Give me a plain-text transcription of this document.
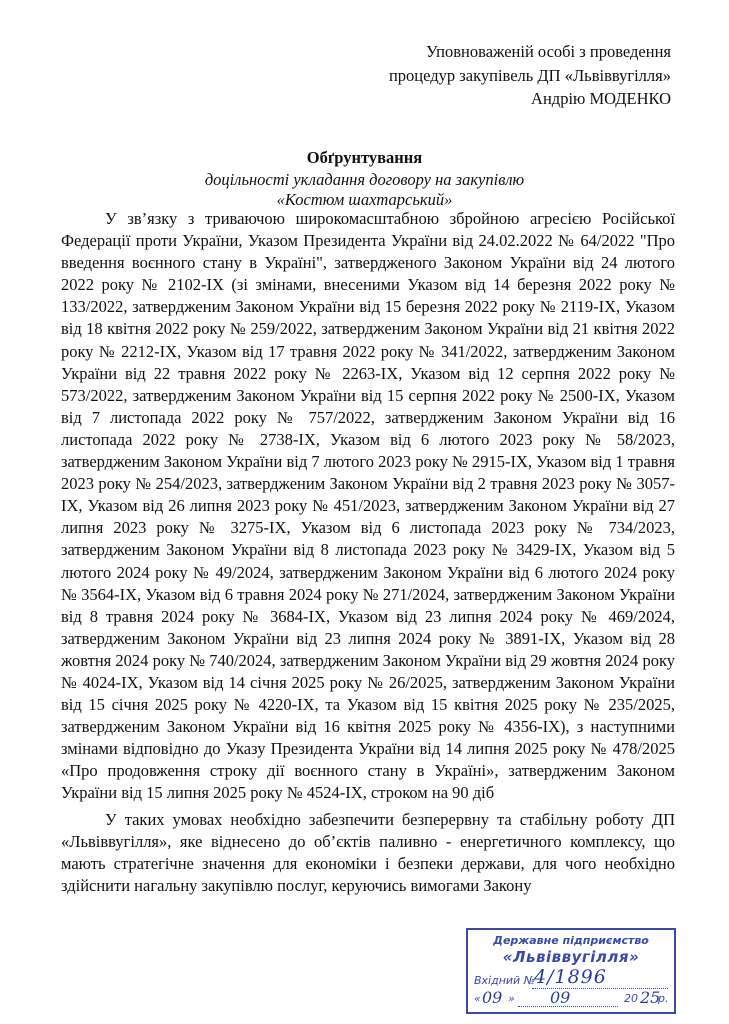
Уповноваженій особі з проведення
процедур закупівель ДП «Львіввугілля»
Андрію МОДЕНКО
Обґрунтування
доцільності укладання договору на закупівлю
«Костюм шахтарський»

У зв’язку з триваючою широкомасштабною збройною агресією Російської Федерації проти України, Указом Президента України від 24.02.2022 № 64/2022 "Про введення воєнного стану в Україні", затвердженого Законом України від 24 лютого 2022 року № 2102-IX (зі змінами, внесеними Указом від 14 березня 2022 року № 133/2022, затвердженим Законом України від 15 березня 2022 року № 2119-IX, Указом від 18 квітня 2022 року № 259/2022, затвердженим Законом України від 21 квітня 2022 року № 2212-IX, Указом від 17 травня 2022 року № 341/2022, затвердженим Законом України від 22 травня 2022 року № 2263-IX, Указом від 12 серпня 2022 року № 573/2022, затвердженим Законом України від 15 серпня 2022 року № 2500-IX, Указом від 7 листопада 2022 року № 757/2022, затвердженим Законом України від 16 листопада 2022 року № 2738-IX, Указом від 6 лютого 2023 року № 58/2023, затвердженим Законом України від 7 лютого 2023 року № 2915-IX, Указом від 1 травня 2023 року № 254/2023, затвердженим Законом України від 2 травня 2023 року № 3057-IX, Указом від 26 липня 2023 року № 451/2023, затвердженим Законом України від 27 липня 2023 року № 3275-IX, Указом від 6 листопада 2023 року № 734/2023, затвердженим Законом України від 8 листопада 2023 року № 3429-IX, Указом від 5 лютого 2024 року № 49/2024, затвердженим Законом України від 6 лютого 2024 року № 3564-IX, Указом від 6 травня 2024 року № 271/2024, затвердженим Законом України від 8 травня 2024 року № 3684-IX, Указом від 23 липня 2024 року № 469/2024, затвердженим Законом України від 23 липня 2024 року № 3891-IX, Указом від 28 жовтня 2024 року № 740/2024, затвердженим Законом України від 29 жовтня 2024 року № 4024-IX, Указом від 14 січня 2025 року № 26/2025, затвердженим Законом України від 15 січня 2025 року № 4220-IX, та Указом від 15 квітня 2025 року № 235/2025, затвердженим Законом України від 16 квітня 2025 року № 4356-IX), з наступними змінами відповідно до Указу Президента України від 14 липня 2025 року № 478/2025 «Про продовження строку дії воєнного стану в Україні», затвердженим Законом України від 15 липня 2025 року № 4524-IX, строком на 90 діб

У таких умовах необхідно забезпечити безперервну та стабільну роботу ДП «Львіввугілля», яке віднесено до об’єктів паливно - енергетичного комплексу, що мають стратегічне значення для економіки і безпеки держави, для чого необхідно здійснити нагальну закупівлю послуг, керуючись вимогами Закону

Державне підприємство
«Львіввугілля»
Вхідний №
4/1896
« 09 » 09	20 25
р.
